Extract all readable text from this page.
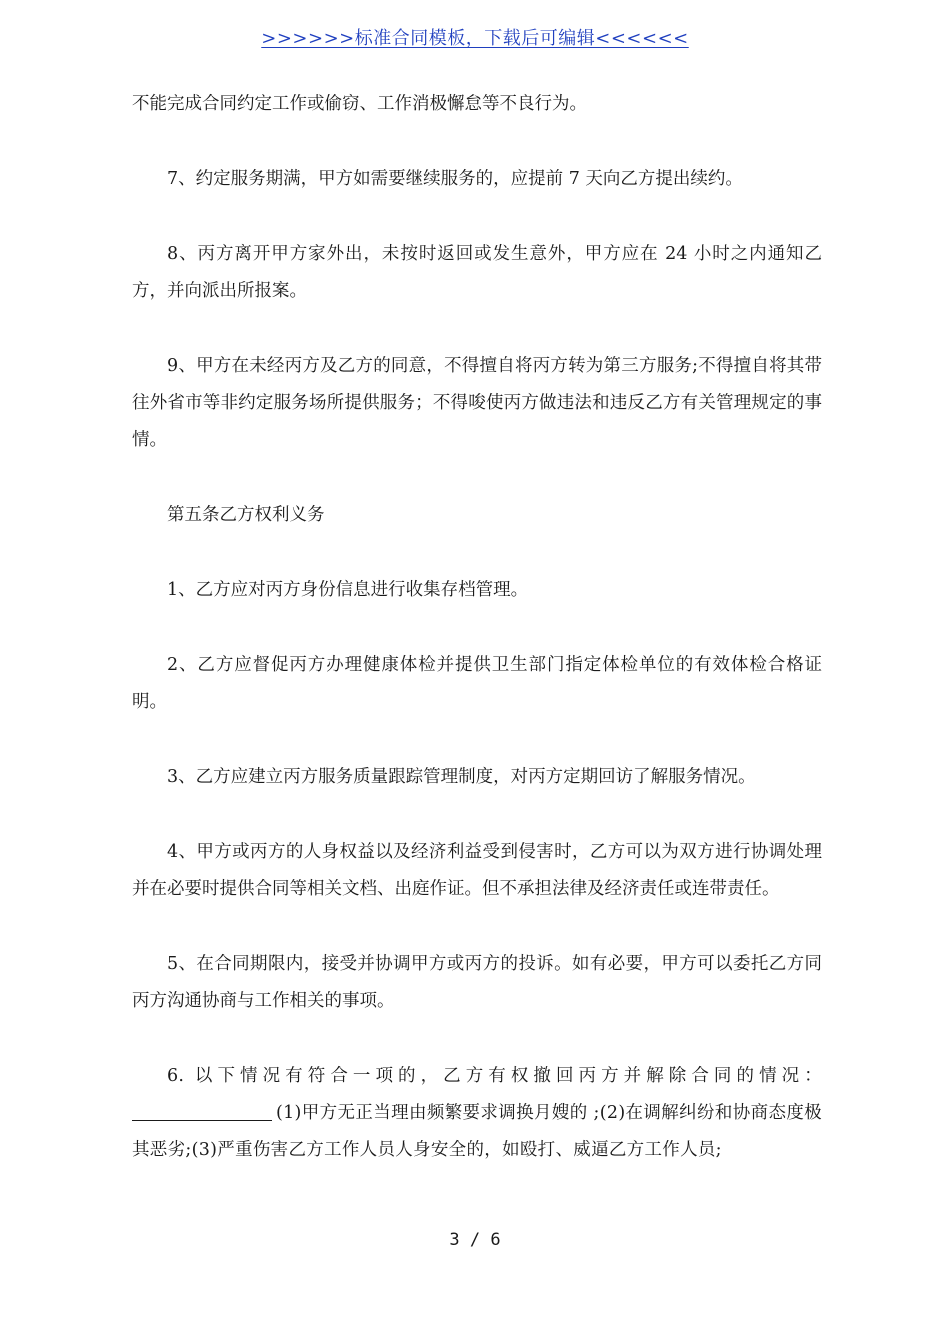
>>>>>>标准合同模板，下载后可编辑<<<<<<

不能完成合同约定工作或偷窃、工作消极懈怠等不良行为。

7、约定服务期满，甲方如需要继续服务的，应提前 7 天向乙方提出续约。

8、丙方离开甲方家外出，未按时返回或发生意外，甲方应在 24 小时之内通知乙方，并向派出所报案。

9、甲方在未经丙方及乙方的同意，不得擅自将丙方转为第三方服务;不得擅自将其带往外省市等非约定服务场所提供服务；不得唆使丙方做违法和违反乙方有关管理规定的事情。

第五条乙方权利义务

1、乙方应对丙方身份信息进行收集存档管理。

2、乙方应督促丙方办理健康体检并提供卫生部门指定体检单位的有效体检合格证明。

3、乙方应建立丙方服务质量跟踪管理制度，对丙方定期回访了解服务情况。

4、甲方或丙方的人身权益以及经济利益受到侵害时，乙方可以为双方进行协调处理并在必要时提供合同等相关文档、出庭作证。但不承担法律及经济责任或连带责任。

5、在合同期限内，接受并协调甲方或丙方的投诉。如有必要，甲方可以委托乙方同丙方沟通协商与工作相关的事项。

6. 以下情况有符合一项的，乙方有权撤回丙方并解除合同的情况：(1)甲方无正当理由频繁要求调换月嫂的 ;(2)在调解纠纷和协商态度极其恶劣;(3)严重伤害乙方工作人员人身安全的，如殴打、威逼乙方工作人员;

3 / 6
